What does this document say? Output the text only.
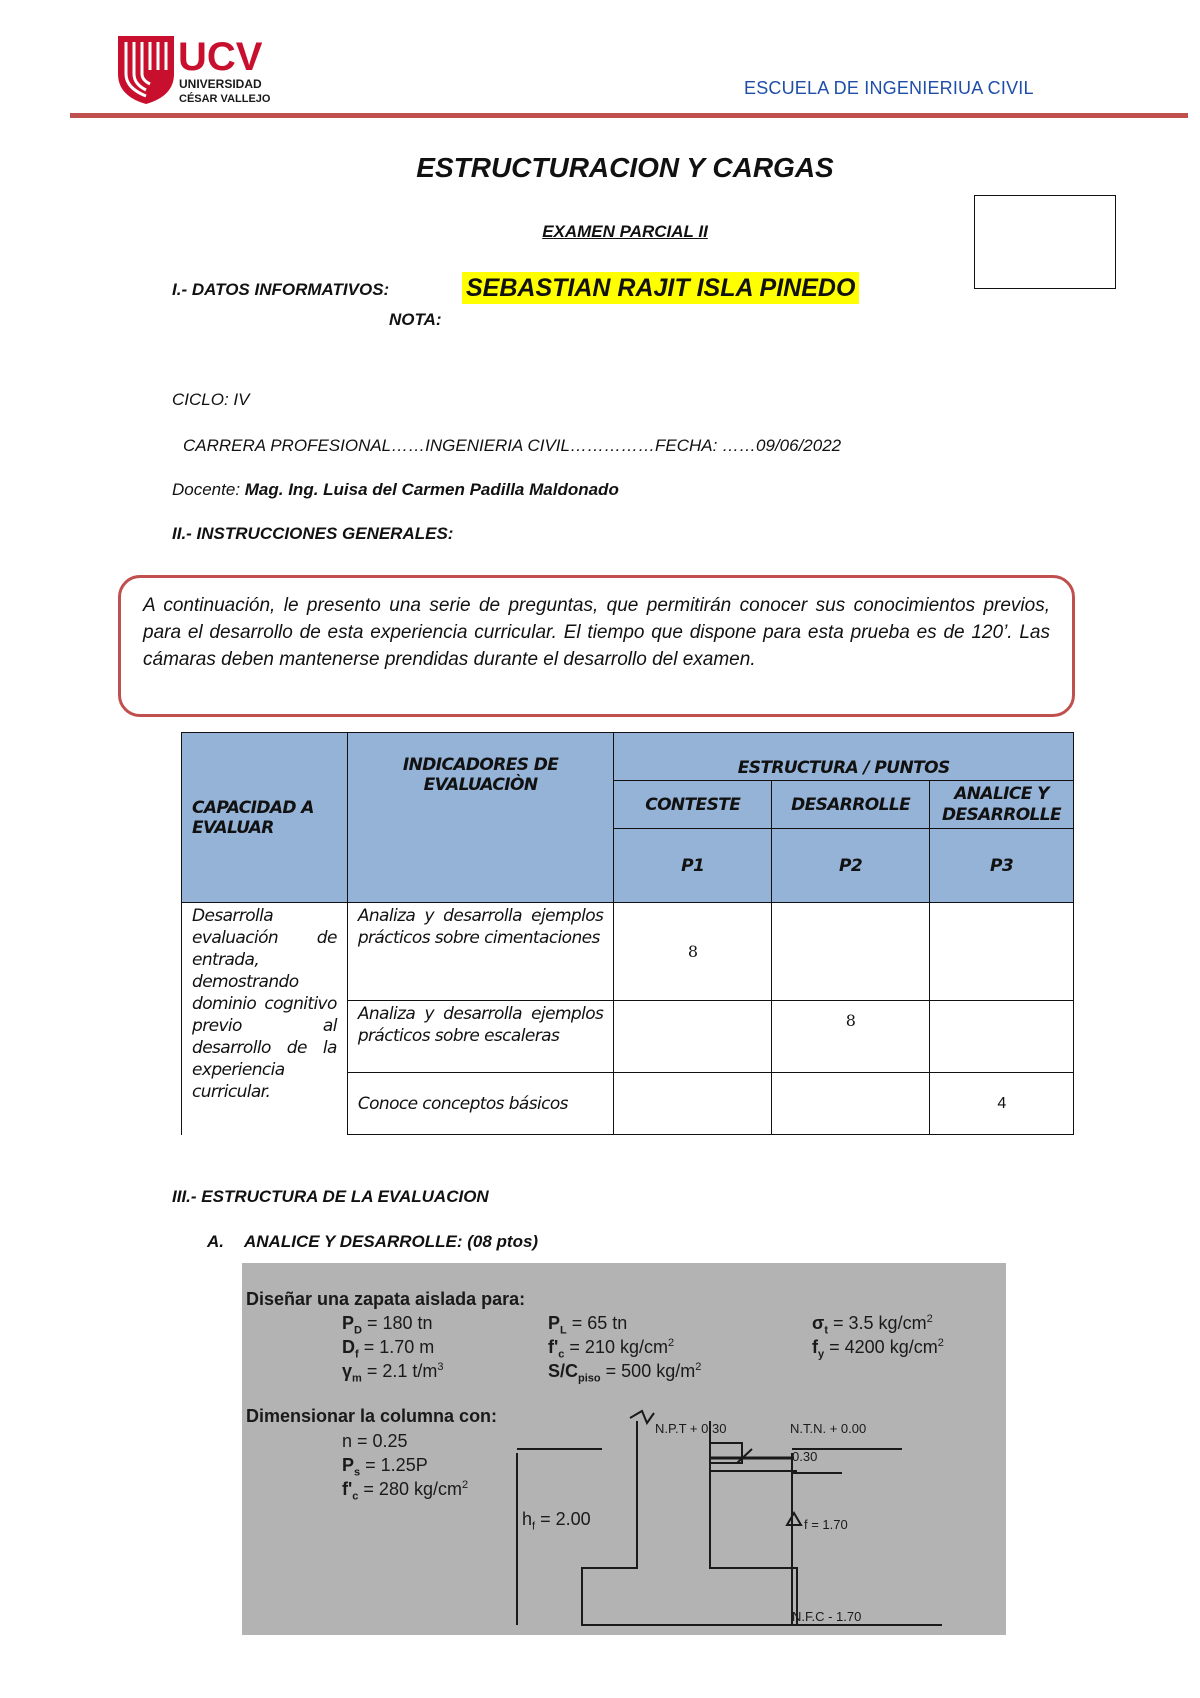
UCV
UNIVERSIDAD
CÉSAR VALLEJO
ESCUELA DE INGENIERIUA CIVIL
ESTRUCTURACION Y CARGAS
EXAMEN PARCIAL II
I.- DATOS INFORMATIVOS:	SEBASTIAN RAJIT ISLA PINEDO
NOTA:
CICLO: IV
CARRERA PROFESIONAL……INGENIERIA CIVIL……………FECHA: ……09/06/2022
Docente: Mag. Ing. Luisa del Carmen Padilla Maldonado
II.- INSTRUCCIONES GENERALES:
A continuación, le presento una serie de preguntas, que permitirán conocer sus conocimientos previos, para el desarrollo de esta experiencia curricular. El tiempo que dispone para esta prueba es de 120’. Las cámaras deben mantenerse prendidas durante el desarrollo del examen.
CAPACIDAD A EVALUAR	INDICADORES DE EVALUACIÒN	ESTRUCTURA / PUNTOS		
		CONTESTE	DESARROLLE	ANALICE Y DESARROLLE
		P1	P2	P3
Desarrolla evaluación de entrada, demostrando dominio cognitivo previo al desarrollo de la experiencia curricular.	Analiza y desarrolla ejemplos prácticos sobre cimentaciones	8		
	Analiza y desarrolla ejemplos prácticos sobre escaleras		8	
	Conoce conceptos básicos			4
III.- ESTRUCTURA DE LA EVALUACION
A. ANALICE Y DESARROLLE: (08 ptos)
Diseñar una zapata aislada para:
$P_D = 180$ tn
$D_f = 1.70$ m
$\gamma_m = 2.1$ $t/m^3$
$P_L = 65$ tn
$f'_c = 210$ $kg/cm^2$
$S/C_{piso} = 500$ $kg/m^2$
$\sigma_t = 3.5$ $kg/cm^2$
$f_y = 4200$ $kg/cm^2$
Dimensionar la columna con:
n = 0.25
$P_s = 1.25P$
$f'_c = 280$ $kg/cm^2$
N.P.T + 0.30	N.T.N. + 0.00
0.30
$h_f = 2.00$	f = 1.70
N.F.C - 1.70
